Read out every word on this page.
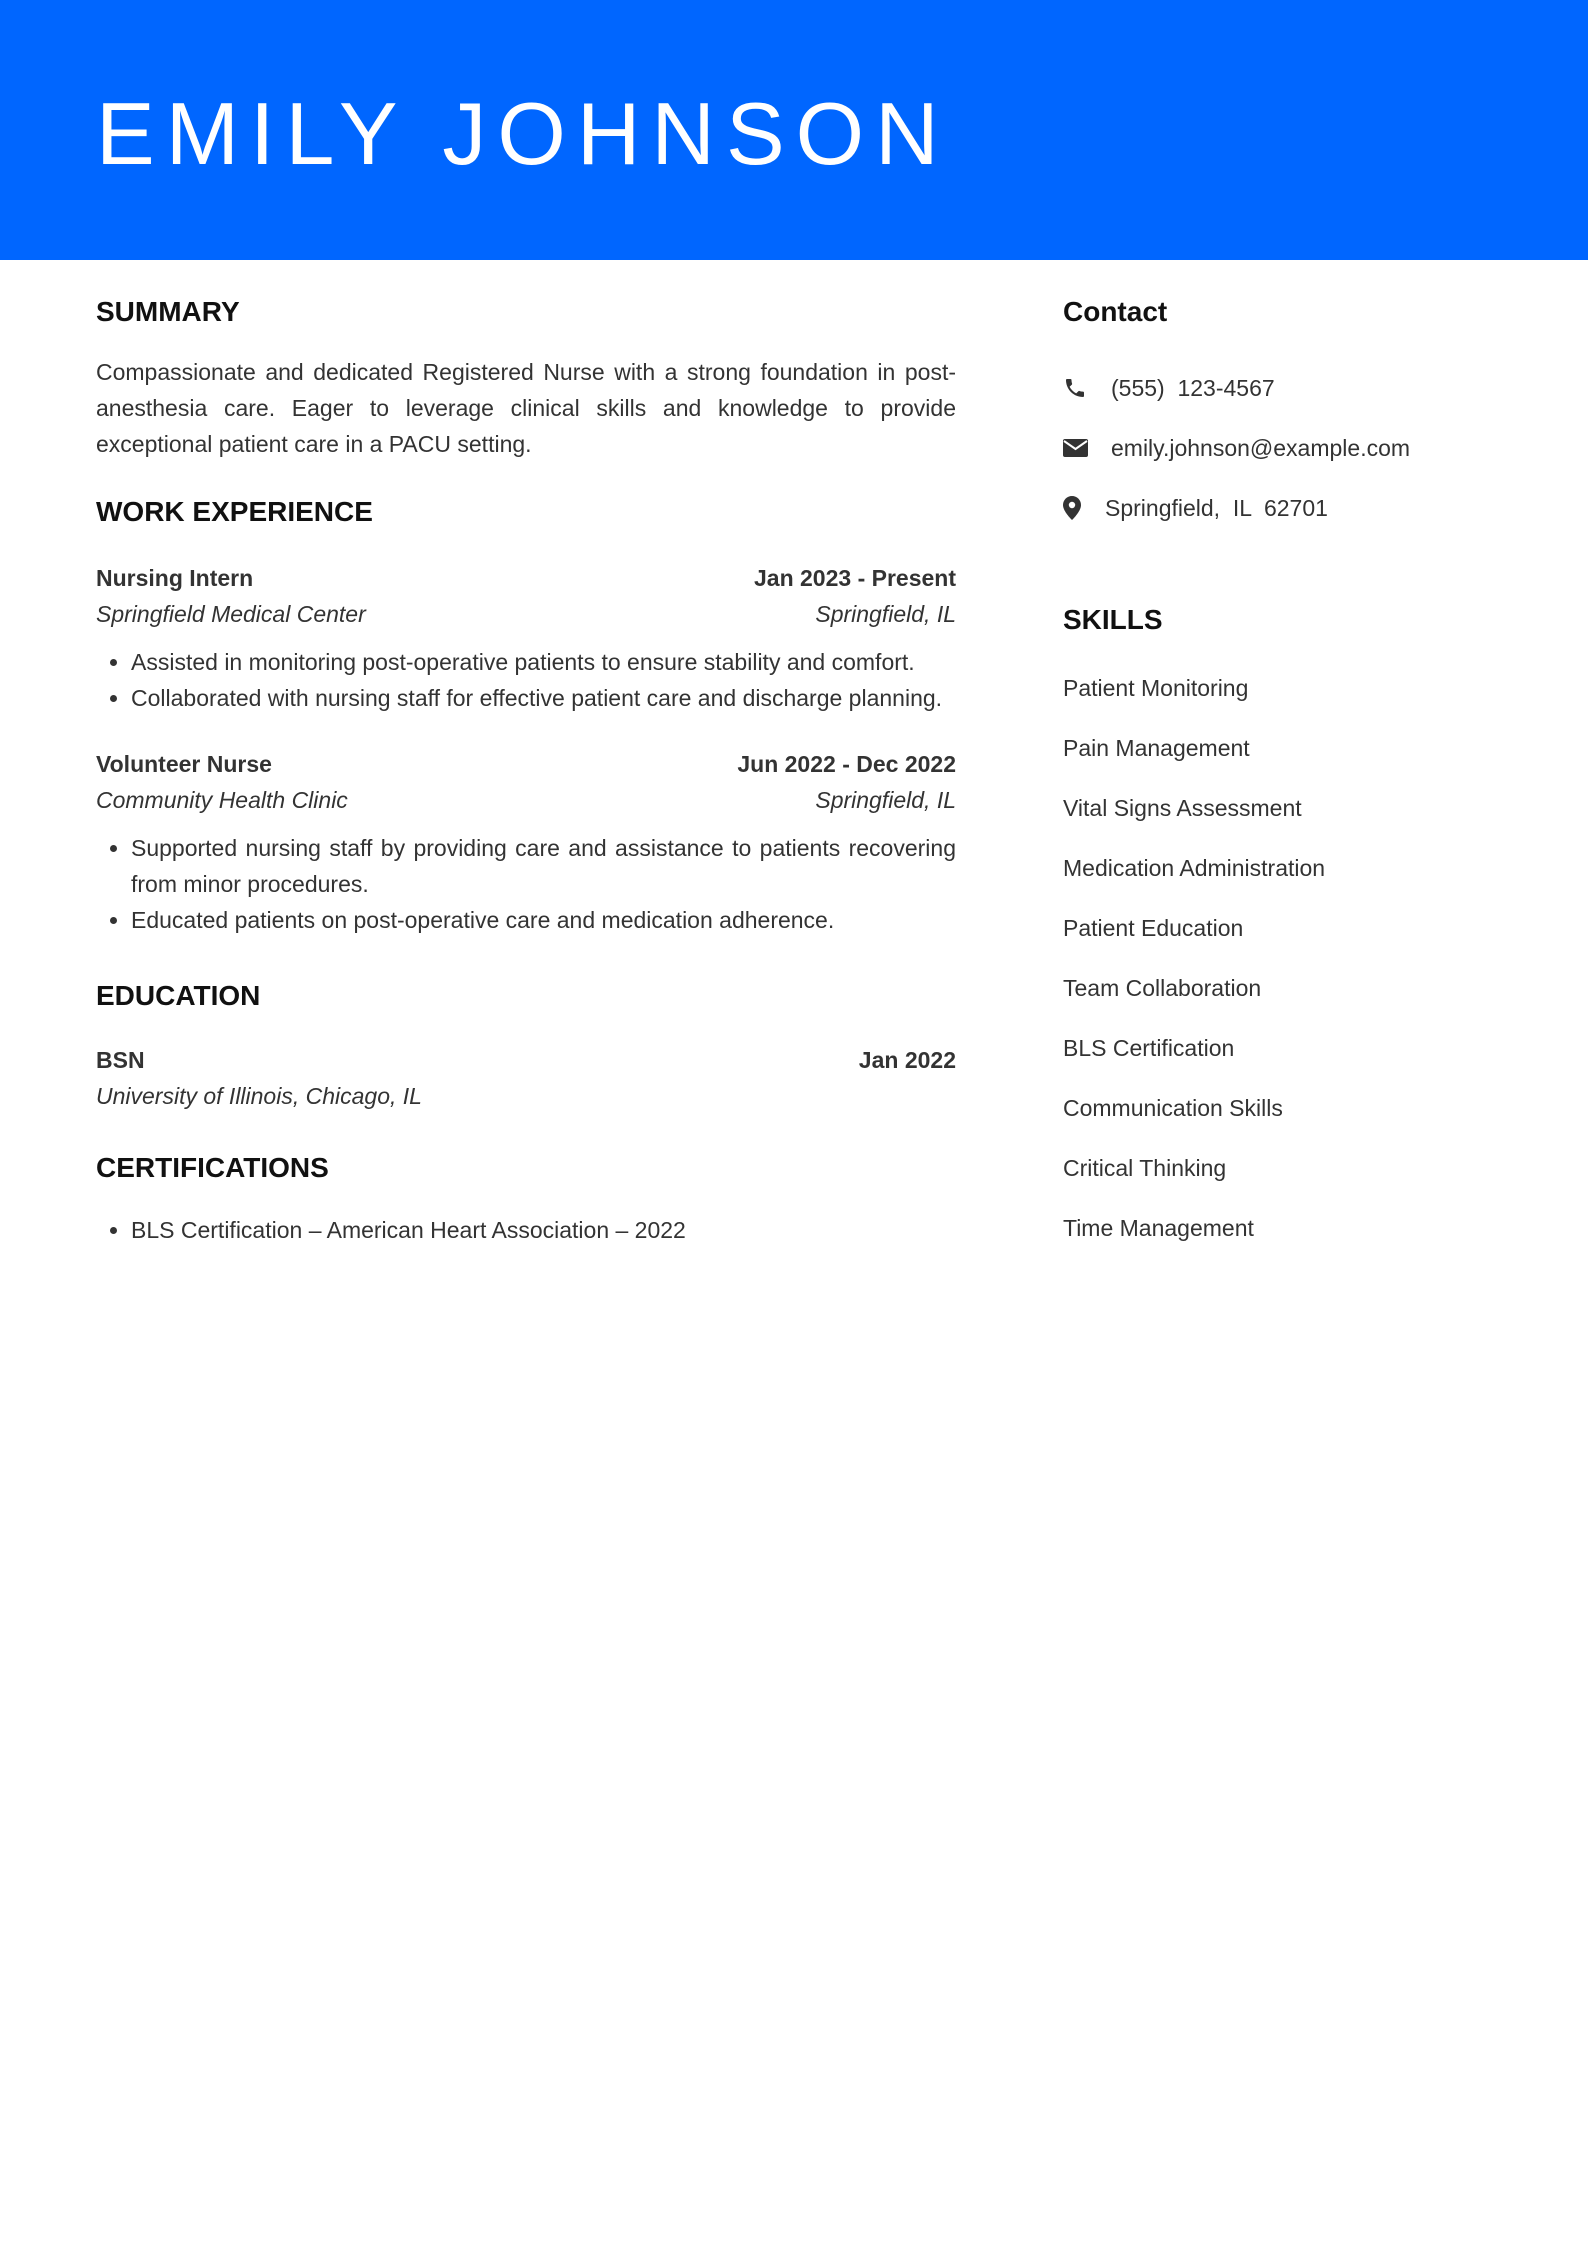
EMILY JOHNSON
SUMMARY

Compassionate and dedicated Registered Nurse with a strong foundation in post-anesthesia care. Eager to leverage clinical skills and knowledge to provide exceptional patient care in a PACU setting.

WORK EXPERIENCE
Nursing Intern	Jan 2023 - Present
Springfield Medical Center	Springfield, IL
• Assisted in monitoring post-operative patients to ensure stability and comfort.
• Collaborated with nursing staff for effective patient care and discharge planning.
Volunteer Nurse	Jun 2022 - Dec 2022
Community Health Clinic	Springfield, IL
• Supported nursing staff by providing care and assistance to patients recovering from minor procedures.
• Educated patients on post-operative care and medication adherence.
EDUCATION
BSN	Jan 2022
University of Illinois, Chicago, IL
CERTIFICATIONS
• BLS Certification – American Heart Association – 2022
Contact
(555)  123-4567
emily.johnson@example.com
Springfield,  IL  62701
SKILLS
Patient Monitoring
Pain Management
Vital Signs Assessment
Medication Administration
Patient Education
Team Collaboration
BLS Certification
Communication Skills
Critical Thinking
Time Management
